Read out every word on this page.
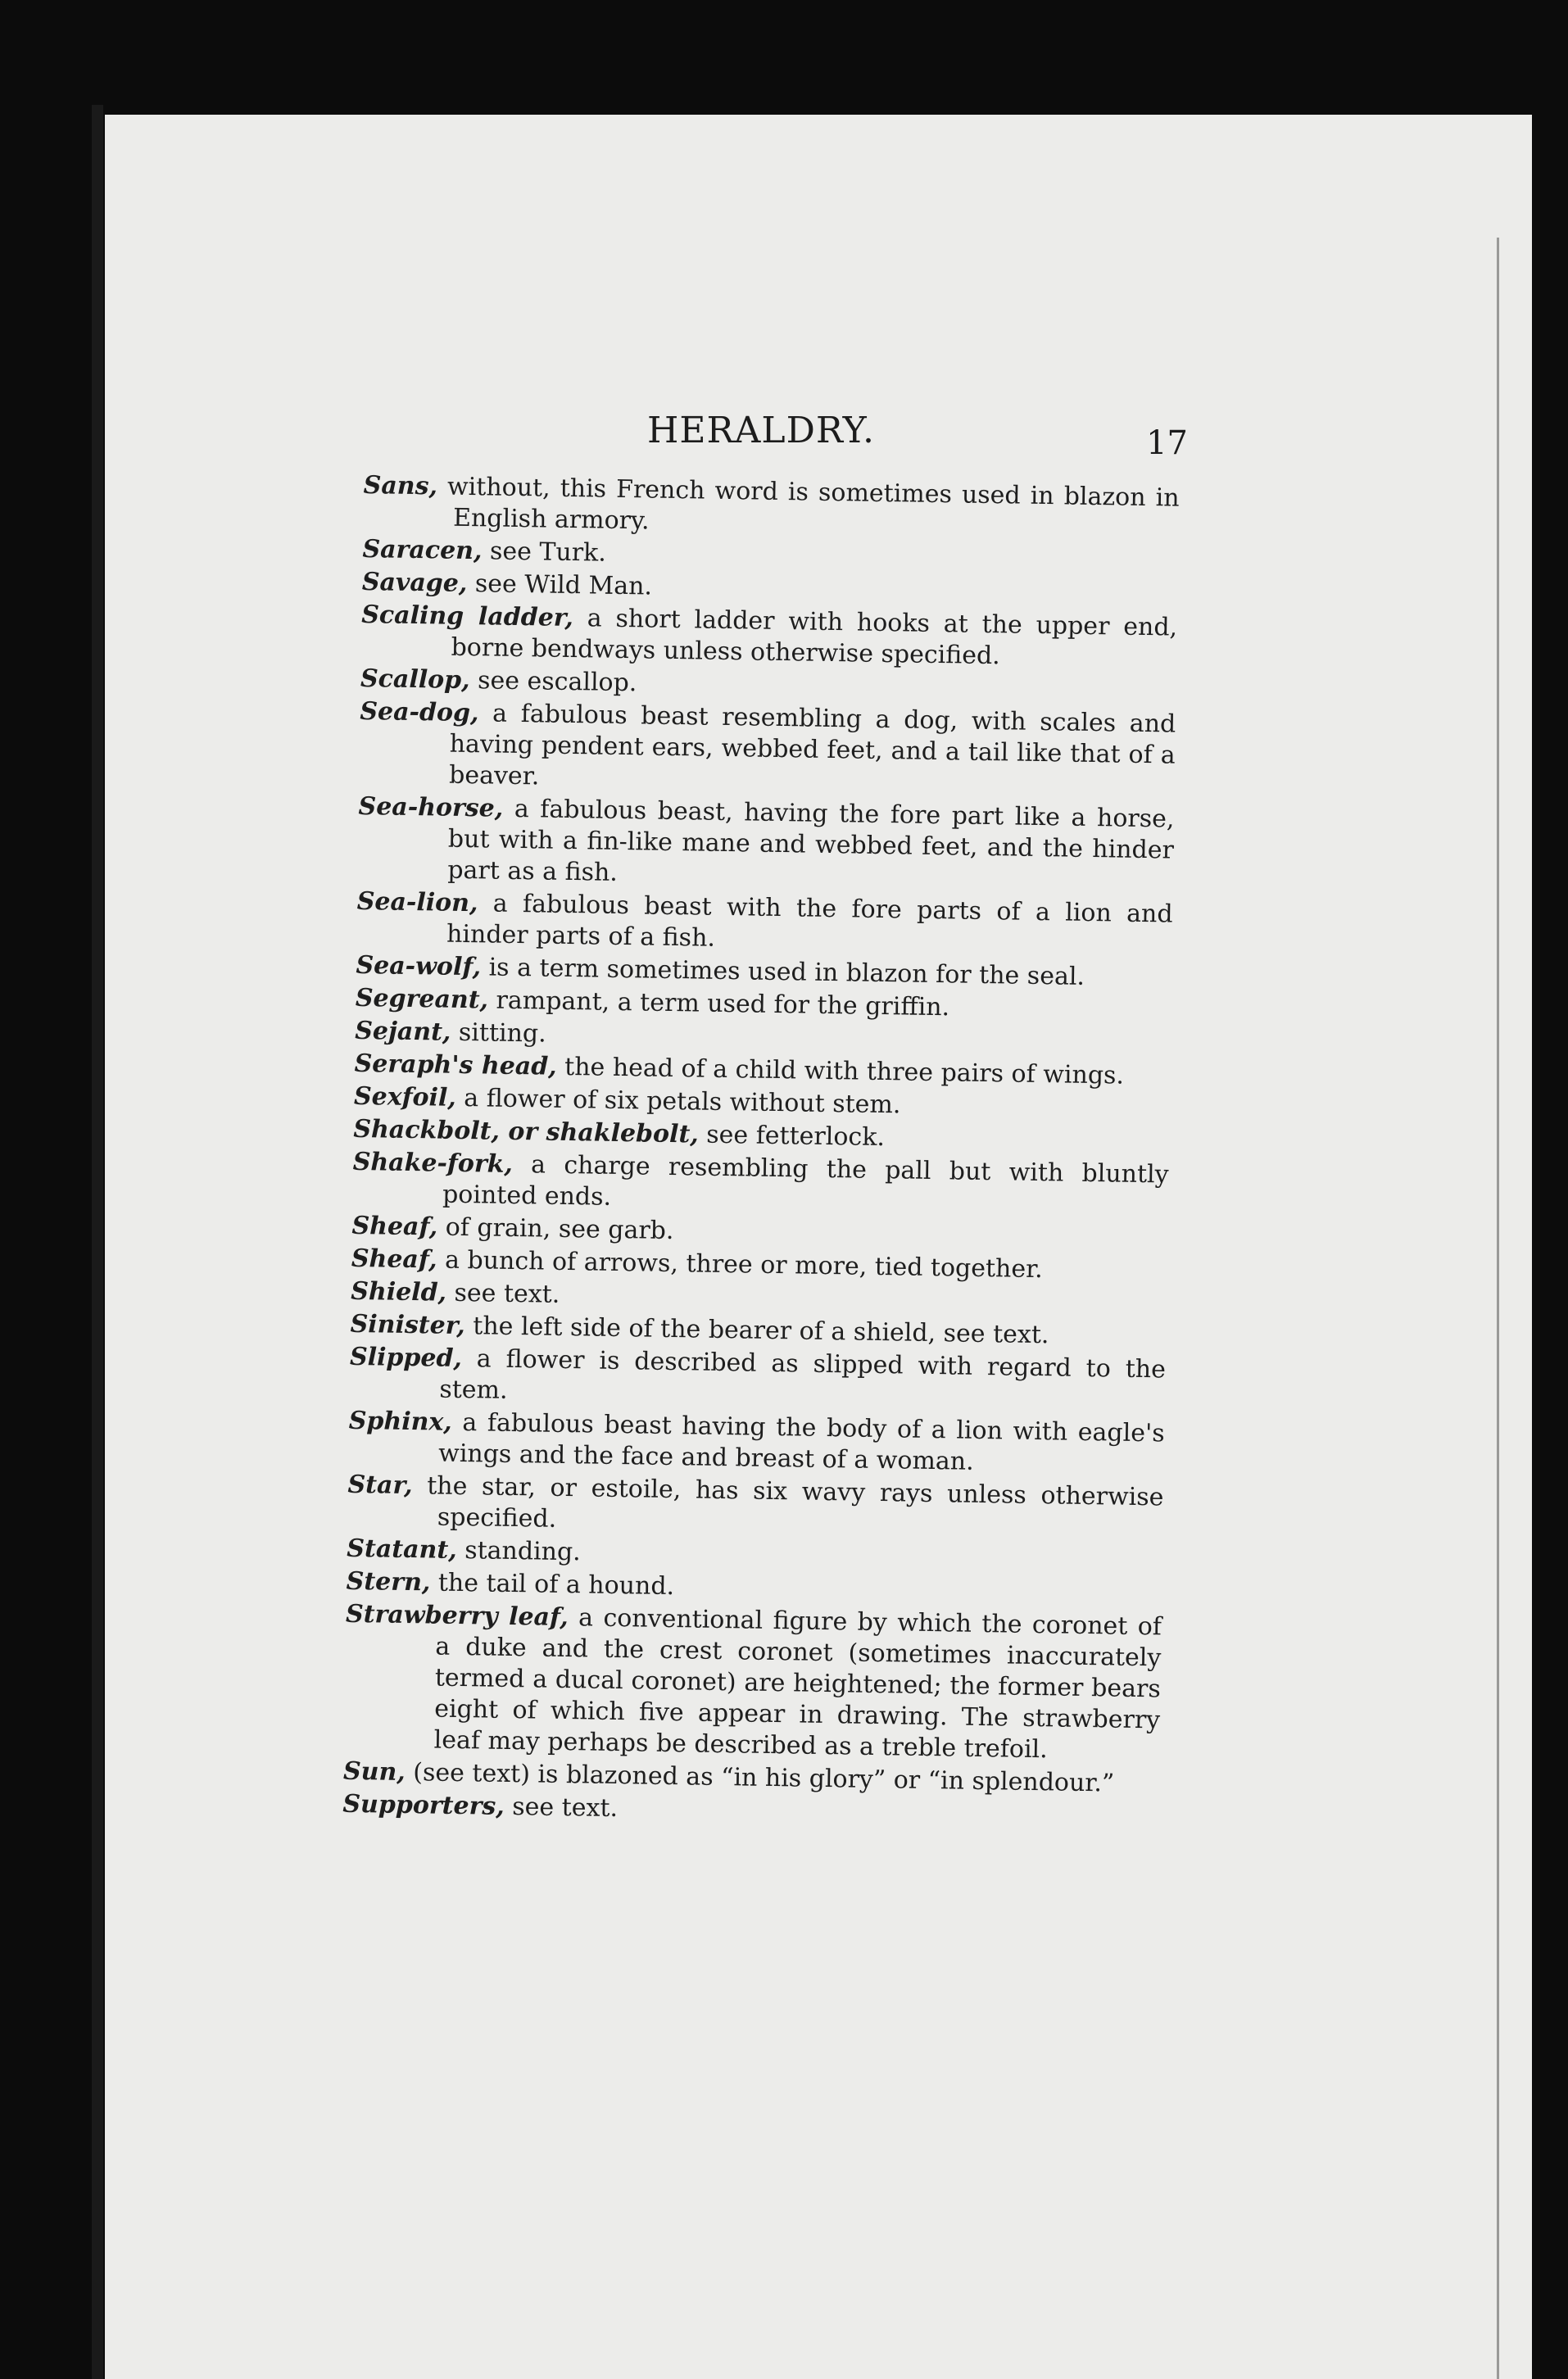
HERALDRY.	17

Sans, without, this French word is sometimes used in blazon in English armory.

Saracen, see Turk.

Savage, see Wild Man.

Scaling ladder, a short ladder with hooks at the upper end, borne bendways unless otherwise specified.

Scallop, see escallop.

Sea-dog, a fabulous beast resembling a dog, with scales and having pendent ears, webbed feet, and a tail like that of a beaver.

Sea-horse, a fabulous beast, having the fore part like a horse, but with a fin-like mane and webbed feet, and the hinder part as a fish.

Sea-lion, a fabulous beast with the fore parts of a lion and hinder parts of a fish.

Sea-wolf, is a term sometimes used in blazon for the seal.

Segreant, rampant, a term used for the griffin.

Sejant, sitting.

Seraph's head, the head of a child with three pairs of wings.

Sexfoil, a flower of six petals without stem.

Shackbolt, or shaklebolt, see fetterlock.

Shake-fork, a charge resembling the pall but with bluntly pointed ends.

Sheaf, of grain, see garb.

Sheaf, a bunch of arrows, three or more, tied together.

Shield, see text.

Sinister, the left side of the bearer of a shield, see text.

Slipped, a flower is described as slipped with regard to the stem.

Sphinx, a fabulous beast having the body of a lion with eagle's wings and the face and breast of a woman.

Star, the star, or estoile, has six wavy rays unless otherwise specified.

Statant, standing.

Stern, the tail of a hound.

Strawberry leaf, a conventional figure by which the coronet of a duke and the crest coronet (sometimes inaccurately termed a ducal coronet) are heightened; the former bears eight of which five appear in drawing. The strawberry leaf may perhaps be described as a treble trefoil.

Sun, (see text) is blazoned as “in his glory” or “in splendour.”

Supporters, see text.
